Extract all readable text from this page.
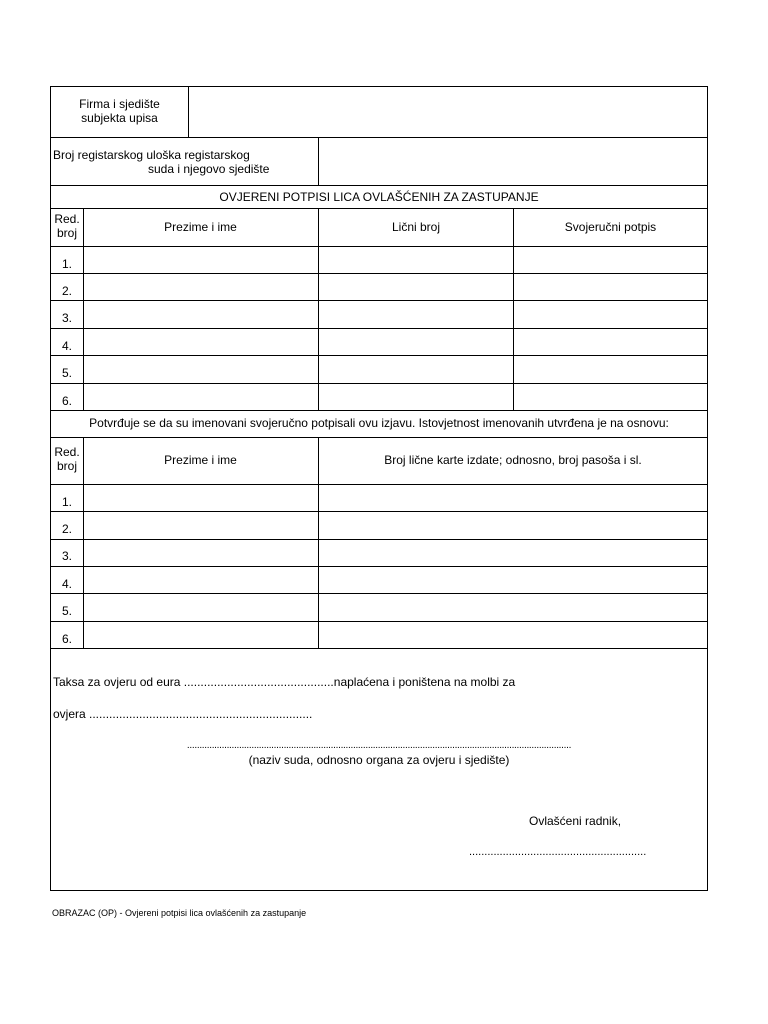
Firma i sjedište
subjekta upisa
Broj registarskog uloška registarskog
suda i njegovo sjedište
OVJERENI POTPISI LICA OVLAŠĆENIH ZA ZASTUPANJE
Red.
broj	Prezime i ime	Lični broj	Svojeručni potpis
1.
2.
3.
4.
5.
6.
Potvrđuje se da su imenovani svojeručno potpisali ovu izjavu. Istovjetnost imenovanih utvrđena je na osnovu:
Red.
broj	Prezime i ime	Broj lične karte izdate; odnosno, broj pasoša i sl.
1.
2.
3.
4.
5.
6.
Taksa za ovjeru od eura .............................................naplaćena i poništena na molbi za
ovjera ...................................................................
...........................................................................................................................................................
(naziv suda, odnosno organa za ovjeru i sjedište)
Ovlašćeni radnik,
..........................................................
OBRAZAC (OP) - Ovjereni potpisi lica ovlašćenih za zastupanje
